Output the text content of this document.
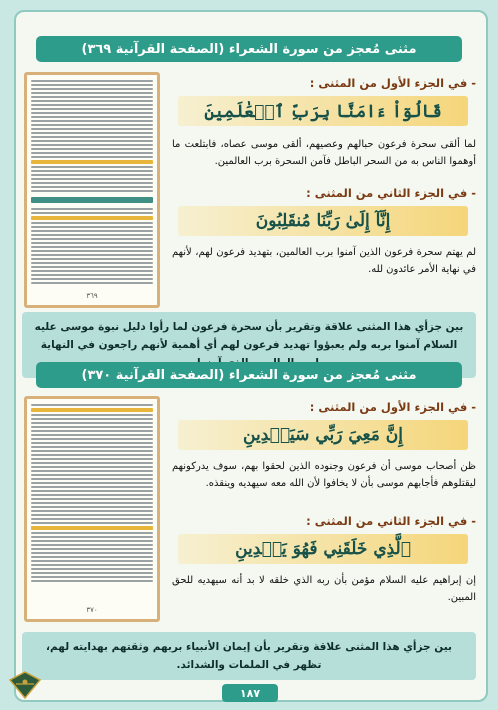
مثنى مُعجز من سورة الشعراء (الصفحة القرآنية ٣٦٩)
٣٦٩
- في الجزء الأول من المثنى :
قَالُوٓاْ ءَامَنَّا بِرَبِّ ٱلۡعَٰلَمِينَ
لما ألقى سحرة فرعون حبالهم وعصيهم، ألقى موسى عصاه، فابتلعت ما أوهموا الناس به من السحر الباطل فآمن السحرة برب العالمين.
- في الجزء الثاني من المثنى :
إِنَّآ إِلَىٰ رَبِّنَا مُنقَلِبُونَ
لم يهتم سحرة فرعون الذين آمنوا برب العالمين، بتهديد فرعون لهم، لأنهم في نهاية الأمر عائدون لله.
بين جزأي هذا المثنى علاقة وتقرير بأن سحرة فرعون لما رأوا دليل نبوة موسى عليه السلام آمنوا بربه ولم يعبؤوا تهديد فرعون لهم أي أهمية لأنهم راجعون في النهاية
مثنى مُعجز من سورة الشعراء (الصفحة القرآنية ٣٧٠)
٣٧٠
- في الجزء الأول من المثنى :
إِنَّ مَعِيَ رَبِّي سَيَهۡدِينِ
ظن أصحاب موسى أن فرعون وجنوده الذين لحقوا بهم، سوف يدركونهم ليقتلوهم فأجابهم موسى بأن لا يخافوا لأن الله معه سيهديه وينقذه.
- في الجزء الثاني من المثنى :
ٱلَّذِي خَلَقَنِي فَهُوَ يَهۡدِينِ
إن إبراهيم عليه السلام مؤمن بأن ربه الذي خلقه لا بد أنه سيهديه للحق المبين.
بين جزأي هذا المثنى علاقة وتقرير بأن إيمان الأنبياء بربهم وثقتهم بهدايته لهم، تظهر في الملمات والشدائد.
١٨٧
